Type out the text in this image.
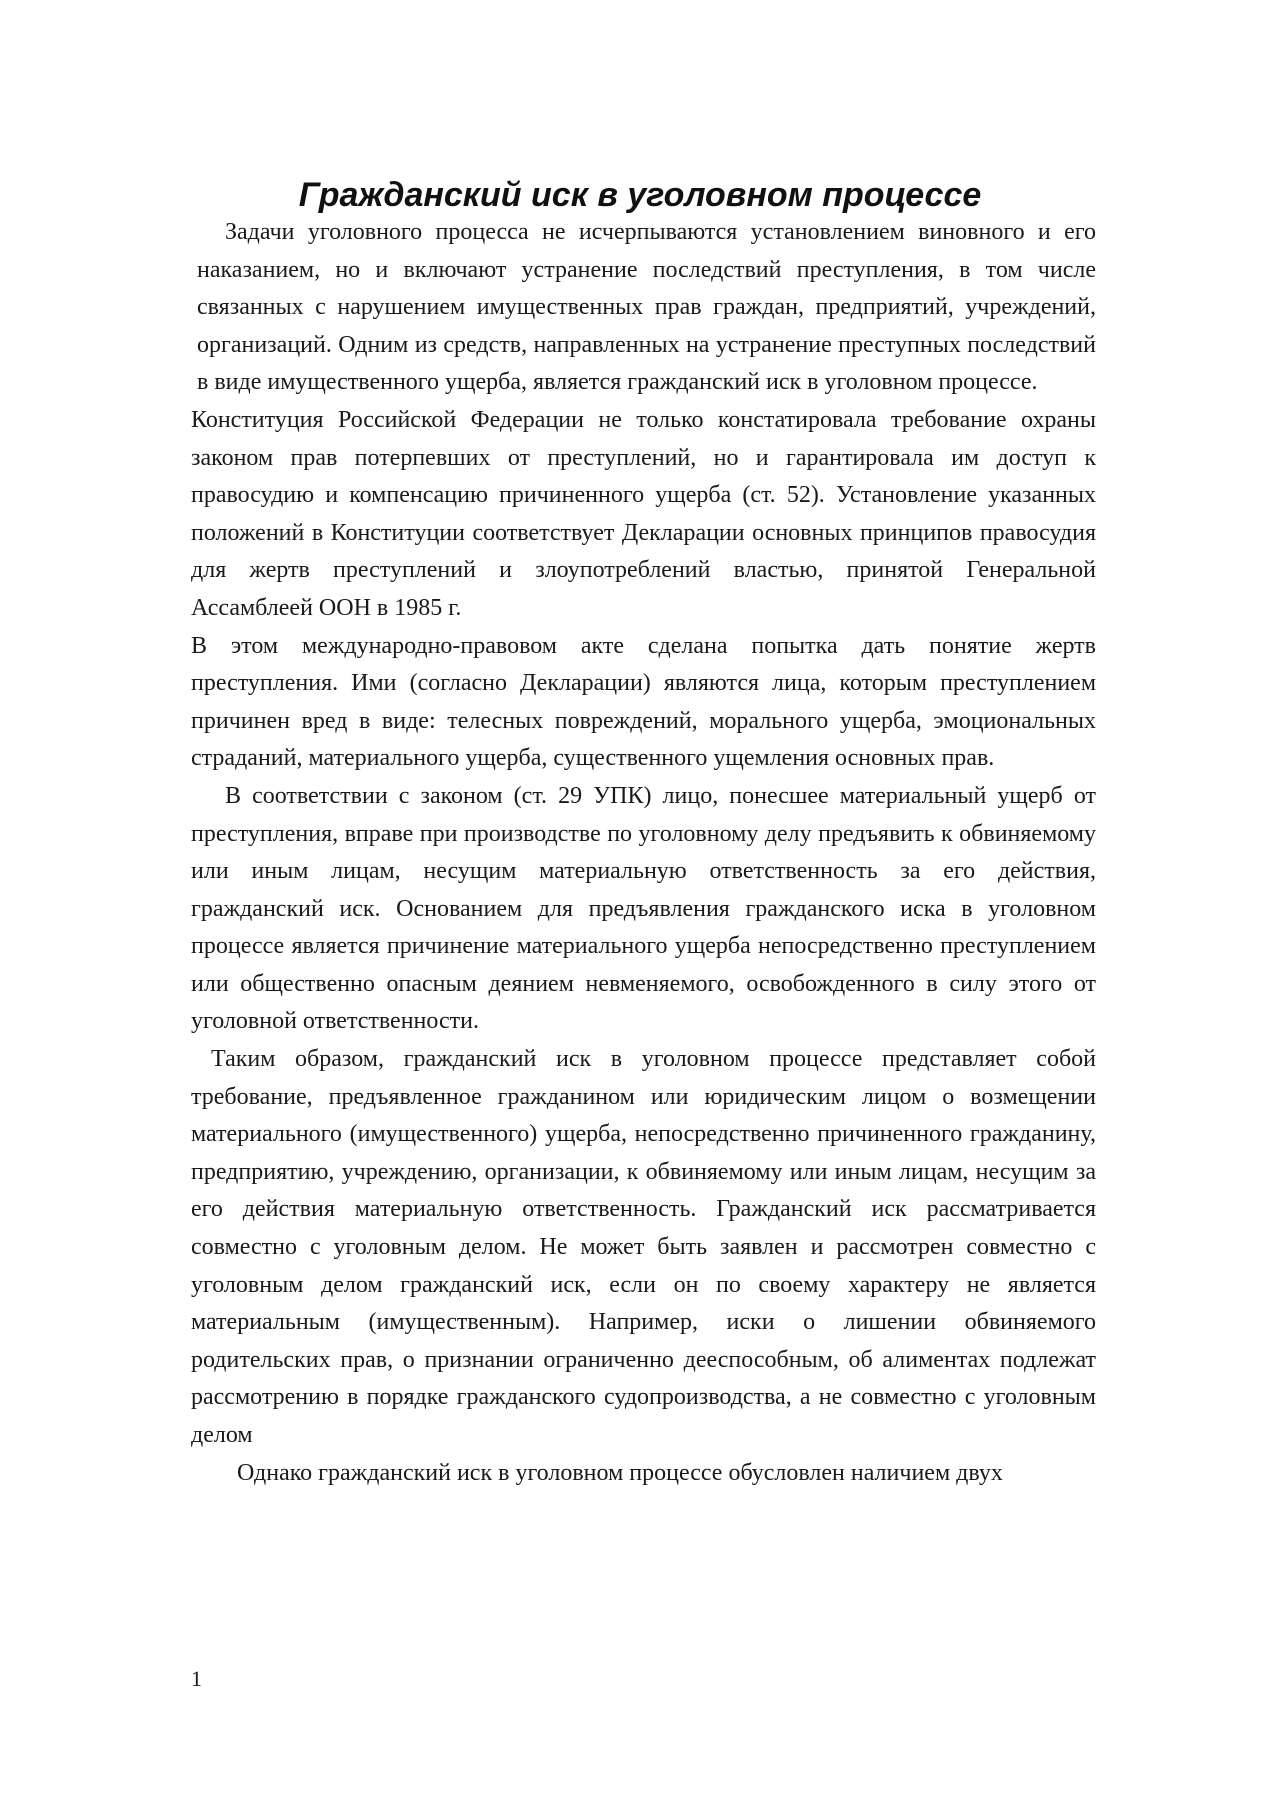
Гражданский иск в уголовном процессе

Задачи уголовного процесса не исчерпываются установлением виновного и его наказанием, но и включают устранение последствий преступления, в том числе связанных с нарушением имущественных прав граждан, предприятий, учреждений, организаций. Одним из средств, направленных на устранение преступных последствий в виде имущественного ущерба, является гражданский иск в уголовном процессе.

Конституция Российской Федерации не только констатировала требование охраны законом прав потерпевших от преступлений, но и гарантировала им доступ к правосудию и компенсацию причиненного ущерба (ст. 52). Установление указанных положений в Конституции соответствует Декларации основных принципов правосудия для жертв преступлений и злоупотреблений властью, принятой Генеральной Ассамблеей ООН в 1985 г.

В этом международно-правовом акте сделана попытка дать понятие жертв преступления. Ими (согласно Декларации) являются лица, которым преступлением причинен вред в виде: телесных повреждений, морального ущерба, эмоциональных страданий, материального ущерба, существенного ущемления основных прав.

В соответствии с законом (ст. 29 УПК) лицо, понесшее материальный ущерб от преступления, вправе при производстве по уголовному делу предъявить к обвиняемому или иным лицам, несущим материальную ответственность за его действия, гражданский иск. Основанием для предъявления гражданского иска в уголовном процессе является причинение материального ущерба непосредственно преступлением или общественно опасным деянием невменяемого, освобожденного в силу этого от уголовной ответственности.

Таким образом, гражданский иск в уголовном процессе представляет собой требование, предъявленное гражданином или юридическим лицом о возмещении материального (имущественного) ущерба, непосредственно причиненного гражданину, предприятию, учреждению, организации, к обвиняемому или иным лицам, несущим за его действия материальную ответственность. Гражданский иск рассматривается совместно с уголовным делом. Не может быть заявлен и рассмотрен совместно с уголовным делом гражданский иск, если он по своему характеру не является материальным (имущественным). Например, иски о лишении обвиняемого родительских прав, о признании ограниченно дееспособным, об алиментах подлежат рассмотрению в порядке гражданского судопроизводства, а не совместно с уголовным делом

Однако гражданский иск в уголовном процессе обусловлен наличием двух

1
